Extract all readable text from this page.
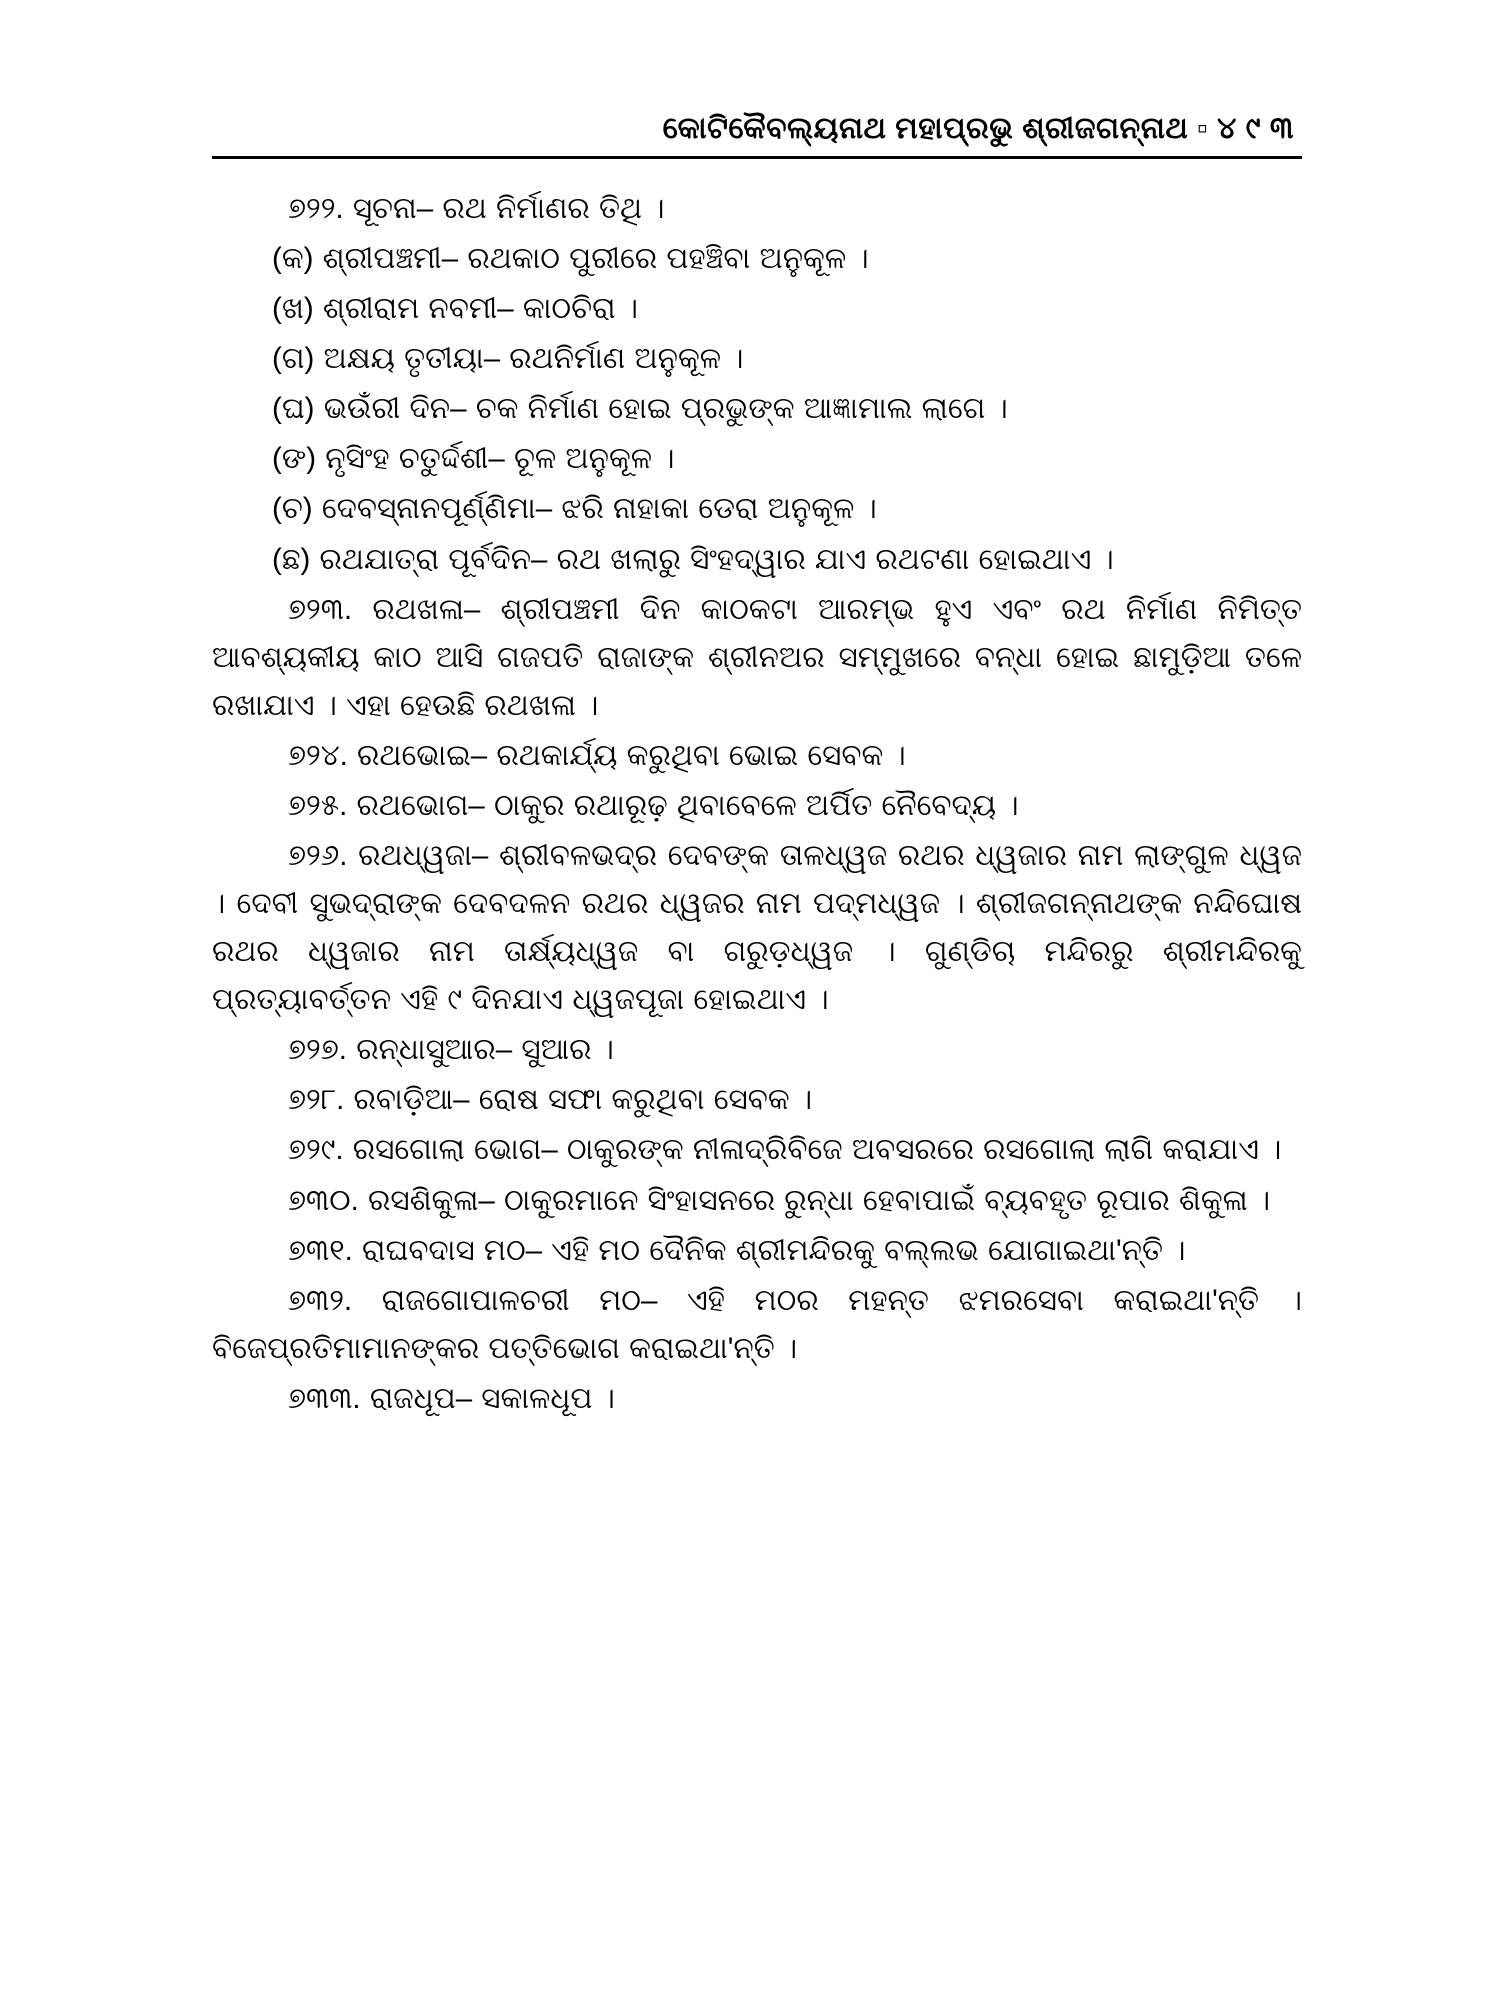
କୋଟିକୈବଲ୍ୟନାଥ ମହାପ୍ରଭୁ ଶ୍ରୀଜଗନ୍ନାଥ ▫ ୪ ୯ ୩

୭୨୨. ସୂଚନା– ରଥ ନିର୍ମାଣର ତିଥି ।

(କ) ଶ୍ରୀପଞ୍ଚମୀ– ରଥକାଠ ପୁରୀରେ ପହଞ୍ଚିବା ଅନୁକୂଳ ।

(ଖ) ଶ୍ରୀରାମ ନବମୀ– କାଠଚିରା ।

(ଗ) ଅକ୍ଷୟ ତୃତୀୟା– ରଥନିର୍ମାଣ ଅନୁକୂଳ ।

(ଘ) ଭଉଁରୀ ଦିନ– ଚକ ନିର୍ମାଣ ହୋଇ ପ୍ରଭୁଙ୍କ ଆଜ୍ଞାମାଲ ଲାଗେ ।

(ଙ) ନୃସିଂହ ଚତୁର୍ଦ୍ଦଶୀ– ଚୂଳ ଅନୁକୂଳ ।

(ଚ) ଦେବସ୍ନାନପୂର୍ଣ୍ଣିମା– ଝରି ନାହାକା ଡେରା ଅନୁକୂଳ ।

(ଛ) ରଥଯାତ୍ରା ପୂର୍ବଦିନ– ରଥ ଖଲାରୁ ସିଂହଦ୍ୱାର ଯାଏ ରଥଟଣା ହୋଇଥାଏ ।

୭୨୩. ରଥଖଳା– ଶ୍ରୀପଞ୍ଚମୀ ଦିନ କାଠକଟା ଆରମ୍ଭ ହୁଏ ଏବଂ ରଥ ନିର୍ମାଣ ନିମିତ୍ତ ଆବଶ୍ୟକୀୟ କାଠ ଆସି ଗଜପତି ରାଜାଙ୍କ ଶ୍ରୀନଅର ସମ୍ମୁଖରେ ବନ୍ଧା ହୋଇ ଛାମୁଡ଼ିଆ ତଳେ ରଖାଯାଏ । ଏହା ହେଉଛି ରଥଖଳା ।

୭୨୪. ରଥଭୋଇ– ରଥକାର୍ଯ୍ୟ କରୁଥିବା ଭୋଇ ସେବକ ।

୭୨୫. ରଥଭୋଗ– ଠାକୁର ରଥାରୂଢ଼ ଥିବାବେଳେ ଅର୍ପିତ ନୈବେଦ୍ୟ ।

୭୨୬. ରଥଧ୍ୱଜା– ଶ୍ରୀବଳଭଦ୍ର ଦେବଙ୍କ ତାଳଧ୍ୱଜ ରଥର ଧ୍ୱଜାର ନାମ ଲାଙ୍ଗୁଳ ଧ୍ୱଜ । ଦେବୀ ସୁଭଦ୍ରାଙ୍କ ଦେବଦଳନ ରଥର ଧ୍ୱଜର ନାମ ପଦ୍ମଧ୍ୱଜ । ଶ୍ରୀଜଗନ୍ନାଥଙ୍କ ନନ୍ଦିଘୋଷ ରଥର ଧ୍ୱଜାର ନାମ ତାର୍କ୍ଷ୍ୟଧ୍ୱଜ ବା ଗରୁଡ଼ଧ୍ୱଜ । ଗୁଣ୍ଡିଚା ମନ୍ଦିରରୁ ଶ୍ରୀମନ୍ଦିରକୁ ପ୍ରତ୍ୟାବର୍ତ୍ତନ ଏହି ୯ ଦିନଯାଏ ଧ୍ୱଜପୂଜା ହୋଇଥାଏ ।

୭୨୭. ରନ୍ଧାସୁଆର– ସୁଆର ।

୭୨୮. ରବାଡ଼ିଆ– ରୋଷ ସଫା କରୁଥିବା ସେବକ ।

୭୨୯. ରସଗୋଲା ଭୋଗ– ଠାକୁରଙ୍କ ନୀଳାଦ୍ରିବିଜେ ଅବସରରେ ରସଗୋଲା ଲାଗି କରାଯାଏ ।

୭୩୦. ରସଶିକୁଳା– ଠାକୁରମାନେ ସିଂହାସନରେ ରୁନ୍ଧା ହେବାପାଇଁ ବ୍ୟବହୃତ ରୂପାର ଶିକୁଳା ।

୭୩୧. ରାଘବଦାସ ମଠ– ଏହି ମଠ ଦୈନିକ ଶ୍ରୀମନ୍ଦିରକୁ ବଲ୍ଲଭ ଯୋଗାଇଥା'ନ୍ତି ।

୭୩୨. ରାଜଗୋପାଳଚରୀ ମଠ– ଏହି ମଠର ମହନ୍ତ ଝମରସେବା କରାଇଥା'ନ୍ତି । ବିଜେପ୍ରତିମାମାନଙ୍କର ପତ୍ତିଭୋଗ କରାଇଥା'ନ୍ତି ।

୭୩୩. ରାଜଧୂପ– ସକାଳଧୂପ ।
